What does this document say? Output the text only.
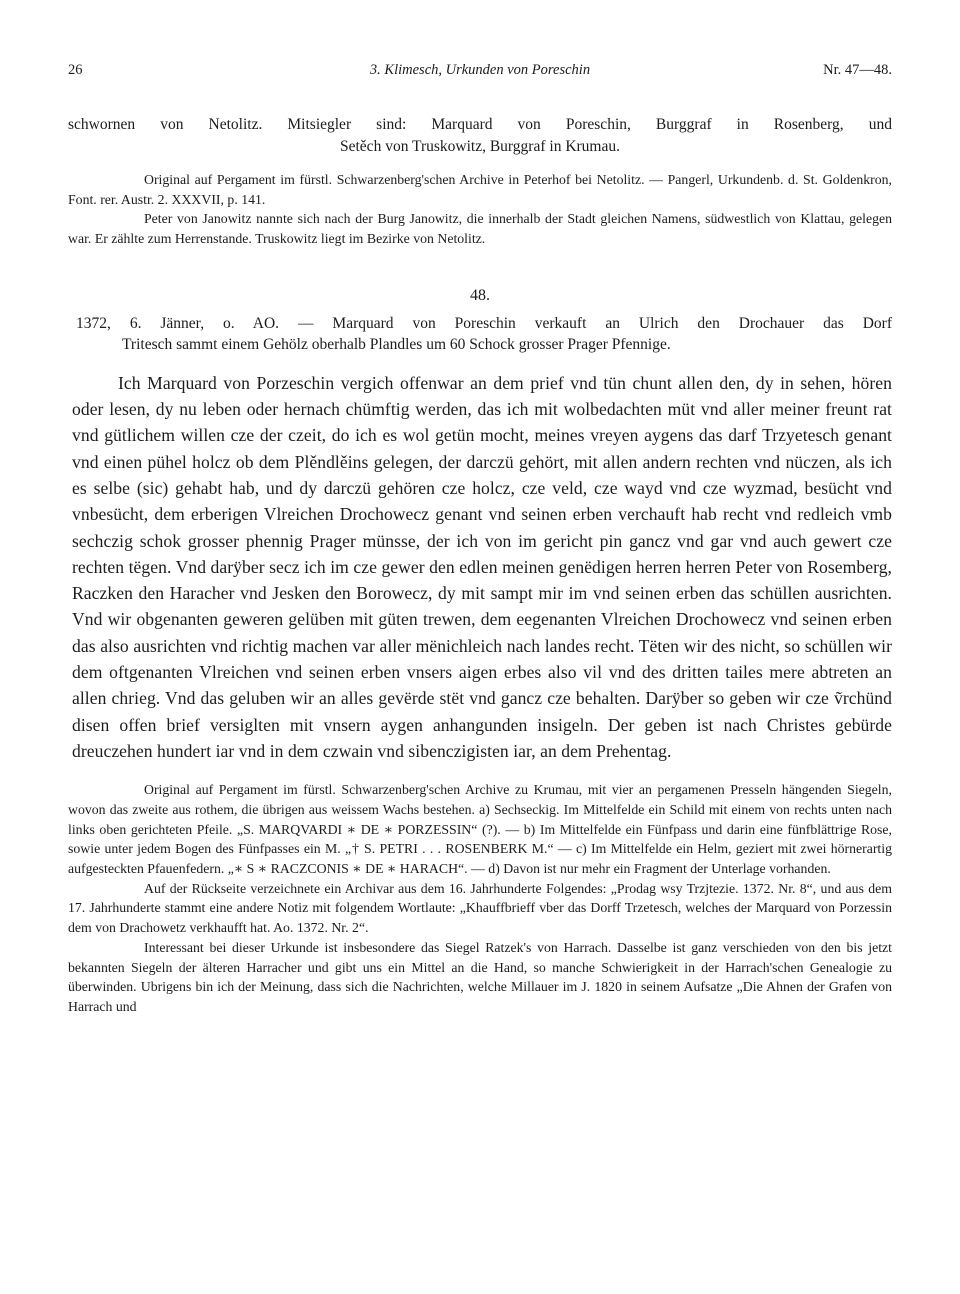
26	3. Klimesch, Urkunden von Poreschin	Nr. 47—48.
schwornen von Netolitz. Mitsiegler sind: Marquard von Poreschin, Burggraf in Rosenberg, und
Setěch von Truskowitz, Burggraf in Krumau.

Original auf Pergament im fürstl. Schwarzenberg'schen Archive in Peterhof bei Netolitz. — Pangerl, Urkundenb. d. St. Goldenkron, Font. rer. Austr. 2. XXXVII, p. 141.

Peter von Janowitz nannte sich nach der Burg Janowitz, die innerhalb der Stadt gleichen Namens, südwestlich von Klattau, gelegen war. Er zählte zum Herrenstande. Truskowitz liegt im Bezirke von Netolitz.

48.

1372, 6. Jänner, o. AO. — Marquard von Poreschin verkauft an Ulrich den Drochauer das Dorf
Tritesch sammt einem Gehölz oberhalb Plandles um 60 Schock grosser Prager Pfennige.

Ich Marquard von Porzeschin vergich offenwar an dem prief vnd tün chunt allen den, dy in sehen, hören oder lesen, dy nu leben oder hernach chümftig werden, das ich mit wolbedachten müt vnd aller meiner freunt rat vnd gütlichem willen cze der czeit, do ich es wol getün mocht, meines vreyen aygens das darf Trzyetesch genant vnd einen pühel holcz ob dem Plěndlěins gelegen, der darczü gehört, mit allen andern rechten vnd nüczen, als ich es selbe (sic) gehabt hab, und dy darczü gehören cze holcz, cze veld, cze wayd vnd cze wyzmad, besücht vnd vnbesücht, dem erberigen Vlreichen Drochowecz genant vnd seinen erben verchauft hab recht vnd redleich vmb sechczig schok grosser phennig Prager münsse, der ich von im gericht pin gancz vnd gar vnd auch gewert cze rechten tëgen. Vnd darÿber secz ich im cze gewer den edlen meinen genëdigen herren herren Peter von Rosemberg, Raczken den Haracher vnd Jesken den Borowecz, dy mit sampt mir im vnd seinen erben das schüllen ausrichten. Vnd wir obgenanten geweren gelüben mit güten trewen, dem eegenanten Vlreichen Drochowecz vnd seinen erben das also ausrichten vnd richtig machen var aller mënichleich nach landes recht. Tëten wir des nicht, so schüllen wir dem oftgenanten Vlreichen vnd seinen erben vnsers aigen erbes also vil vnd des dritten tailes mere abtreten an allen chrieg. Vnd das geluben wir an alles gevërde stët vnd gancz cze behalten. Darÿber so geben wir cze ṽrchünd disen offen brief versiglten mit vnsern aygen anhangunden insigeln. Der geben ist nach Christes gebürde dreuczehen hundert iar vnd in dem czwain vnd sibenczigisten iar, an dem Prehentag.

Original auf Pergament im fürstl. Schwarzenberg'schen Archive zu Krumau, mit vier an pergamenen Presseln hängenden Siegeln, wovon das zweite aus rothem, die übrigen aus weissem Wachs bestehen. a) Sechseckig. Im Mittelfelde ein Schild mit einem von rechts unten nach links oben gerichteten Pfeile. „S. MARQVARDI ∗ DE ∗ PORZESSIN“ (?). — b) Im Mittelfelde ein Fünfpass und darin eine fünfblättrige Rose, sowie unter jedem Bogen des Fünfpasses ein M. „† S. PETRI . . . ROSENBERK M.“ — c) Im Mittelfelde ein Helm, geziert mit zwei hörnerartig aufgesteckten Pfauenfedern. „∗ S ∗ RACZCONIS ∗ DE ∗ HARACH“. — d) Davon ist nur mehr ein Fragment der Unterlage vorhanden.

Auf der Rückseite verzeichnete ein Archivar aus dem 16. Jahrhunderte Folgendes: „Prodag wsy Trzjtezie. 1372. Nr. 8“, und aus dem 17. Jahrhunderte stammt eine andere Notiz mit folgendem Wortlaute: „Khauffbrieff vber das Dorff Trzetesch, welches der Marquard von Porzessin dem von Drachowetz verkhaufft hat. Ao. 1372. Nr. 2“.

Interessant bei dieser Urkunde ist insbesondere das Siegel Ratzek's von Harrach. Dasselbe ist ganz verschieden von den bis jetzt bekannten Siegeln der älteren Harracher und gibt uns ein Mittel an die Hand, so manche Schwierigkeit in der Harrach'schen Genealogie zu überwinden. Ubrigens bin ich der Meinung, dass sich die Nachrichten, welche Millauer im J. 1820 in seinem Aufsatze „Die Ahnen der Grafen von Harrach und
